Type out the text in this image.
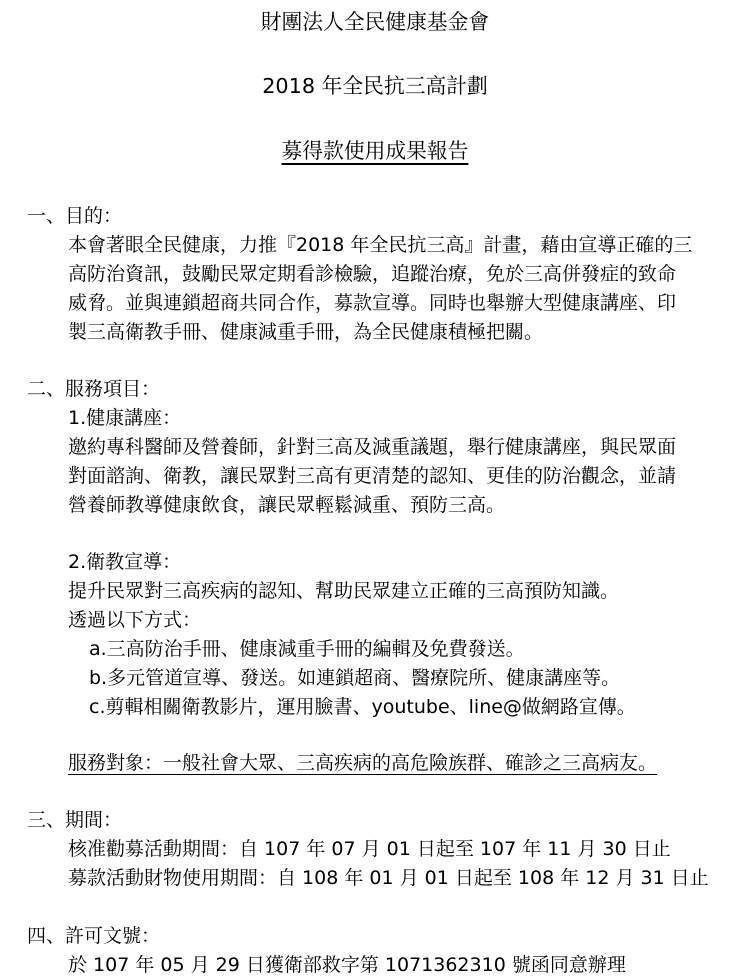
財團法人全民健康基金會
2018 年全民抗三高計劃
募得款使用成果報告
一、目的：
本會著眼全民健康，力推『2018 年全民抗三高』計畫，藉由宣導正確的三
高防治資訊，鼓勵民眾定期看診檢驗，追蹤治療，免於三高併發症的致命
威脅。並與連鎖超商共同合作，募款宣導。同時也舉辦大型健康講座、印
製三高衛教手冊、健康減重手冊，為全民健康積極把關。
二、服務項目：
1.健康講座：
邀約專科醫師及營養師，針對三高及減重議題，舉行健康講座，與民眾面
對面諮詢、衛教，讓民眾對三高有更清楚的認知、更佳的防治觀念，並請
營養師教導健康飲食，讓民眾輕鬆減重、預防三高。
2.衛教宣導：
提升民眾對三高疾病的認知、幫助民眾建立正確的三高預防知識。
透過以下方式：
a.三高防治手冊、健康減重手冊的編輯及免費發送。
b.多元管道宣導、發送。如連鎖超商、醫療院所、健康講座等。
c.剪輯相關衛教影片，運用臉書、youtube、line@做網路宣傳。
服務對象：一般社會大眾、三高疾病的高危險族群、確診之三高病友。
三、期間：
核准勸募活動期間：自 107 年 07 月 01 日起至 107 年 11 月 30 日止
募款活動財物使用期間：自 108 年 01 月 01 日起至 108 年 12 月 31 日止
四、許可文號：
於 107 年 05 月 29 日獲衛部救字第 1071362310 號函同意辦理
